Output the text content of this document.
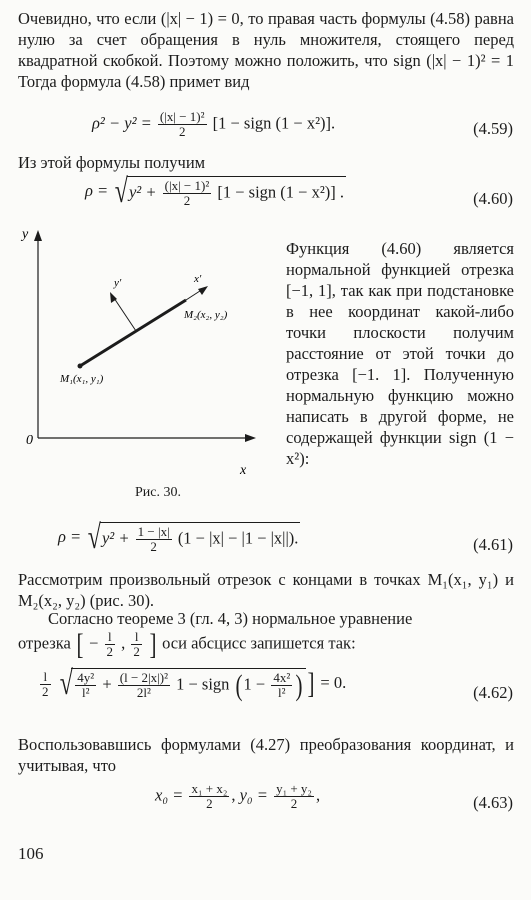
Очевидно, что если (|x| − 1) = 0, то правая часть формулы (4.58) равна нулю за счет обращения в нуль множителя, стоящего перед квадратной скобкой. Поэтому можно положить, что sign (|x| − 1)² = 1 Тогда формула (4.58) примет вид
$\rho^2 - y^2 = \frac{\text{(|x| − 1)²}}{2} [1$ − sign (1 − x²)].	(4.59)
Из этой формулы получим
$\rho = √y^2 + \frac{\text{(|x| − 1)²}}{2} [1$ − sign (1 − x²)] .	(4.60)
y
x
0
x′
y′
M₁(x₁, y₁)
M₂(x₂, y₂)
Рис. 30.
Функция (4.60) является нормальной функцией отрезка [−1, 1], так как при подстановке в нее координат какой-либо точки плоскости получим расстояние от этой точки до отрезка [−1. 1]. Полученную нормальную функцию можно написать в другой форме, не содержащей функции sign (1 − x²):
$\rho = √y^2 + \frac{1 - |x|}{2} (1 - |x| - |1 - |x||)$.	(4.61)
Рассмотрим произвольный отрезок с концами в точках M₁(x₁, y₁) и M₂(x₂, y₂) (рис. 30).
Согласно теореме 3 (гл. 4, 3) нормальное уравнение
отрезка [ − $\frac{l}{2}$ , $\frac{l}{2}$ ] оси абсцисс запишется так:
$\frac{l}{2}$ √ $\frac{\text{4y²}}{\text{l²}} + \frac{\text{(l − 2|x|)²}}{\text{2l²}} 1$ − sign ($1 - \frac{\text{4x²}}{\text{l²}}$ ) ] = 0.
(4.62)
Воспользовавшись формулами (4.27) преобразования координат, и учитывая, что
$x_0 = \frac{\text{x₁ + x₂}}{2}$ , $y_0 = \frac{\text{y₁ + y₂}}{2}$ ,	(4.63)
106
